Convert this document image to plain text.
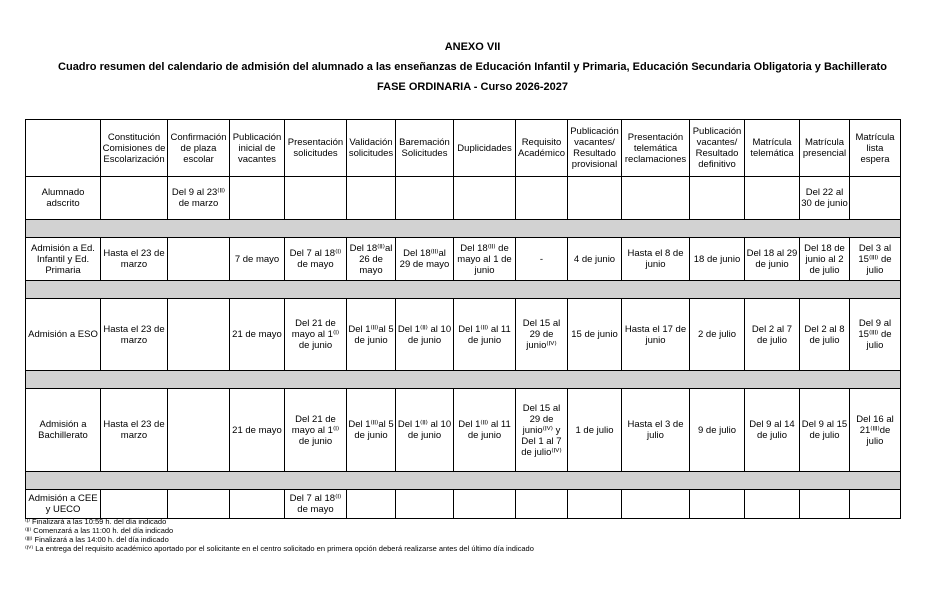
ANEXO VII
Cuadro resumen del calendario de admisión del alumnado a las enseñanzas de Educación Infantil y Primaria, Educación Secundaria Obligatoria y Bachillerato
FASE ORDINARIA - Curso 2026-2027
	Constitución Comisiones de Escolarización	Confirmación de plaza escolar	Publicación inicial de vacantes	Presentación solicitudes	Validación solicitudes	Baremación Solicitudes	Duplicidades	Requisito Académico	Publicación vacantes/ Resultado provisional	Presentación telemática reclamaciones	Publicación vacantes/ Resultado definitivo	Matrícula telemática	Matrícula presencial	Matrícula lista espera
Alumnado adscrito		Del 9 al 23⁽ᴵᴵ⁾ de marzo											Del 22 al 30 de junio	

Admisión a Ed. Infantil y Ed. Primaria	Hasta el 23 de marzo		7 de mayo	Del 7 al 18⁽ᴵ⁾ de mayo	Del 18⁽ᴵᴵ⁾al 26 de mayo	Del 18⁽ᴵᴵ⁾al 29 de mayo	Del 18⁽ᴵᴵ⁾ de mayo al 1 de junio	-	4 de junio	Hasta el 8 de junio	18 de junio	Del 18 al 29 de junio	Del 18 de junio al 2 de julio	Del 3 al 15⁽ᴵᴵᴵ⁾ de julio

Admisión a ESO	Hasta el 23 de marzo		21 de mayo	Del 21 de mayo al 1⁽ᴵ⁾ de junio	Del 1⁽ᴵᴵ⁾al 5 de junio	Del 1⁽ᴵᴵ⁾ al 10 de junio	Del 1⁽ᴵᴵ⁾ al 11 de junio	Del 15 al 29 de junio⁽ᴵⱽ⁾	15 de junio	Hasta el 17 de junio	2 de julio	Del 2 al 7 de julio	Del 2 al 8 de julio	Del 9 al 15⁽ᴵᴵᴵ⁾ de julio

Admisión a Bachillerato	Hasta el 23 de marzo		21 de mayo	Del 21 de mayo al 1⁽ᴵ⁾ de junio	Del 1⁽ᴵᴵ⁾al 5 de junio	Del 1⁽ᴵᴵ⁾ al 10 de junio	Del 1⁽ᴵᴵ⁾ al 11 de junio	Del 15 al 29 de junio⁽ᴵⱽ⁾ y Del 1 al 7 de julio⁽ᴵⱽ⁾	1 de julio	Hasta el 3 de julio	9 de julio	Del 9 al 14 de julio	Del 9 al 15 de julio	Del 16 al 21⁽ᴵᴵᴵ⁾de julio

Admisión a CEE y UECO				Del 7 al 18⁽ᴵ⁾ de mayo										
⁽ᴵ⁾ Finalizará a las 10:59 h. del día indicado
⁽ᴵᴵ⁾ Comenzará a las 11:00 h. del día indicado
⁽ᴵᴵᴵ⁾ Finalizará a las 14:00 h. del día indicado
⁽ᴵⱽ⁾ La entrega del requisito académico aportado por el solicitante en el centro solicitado en primera opción deberá realizarse antes del último día indicado
